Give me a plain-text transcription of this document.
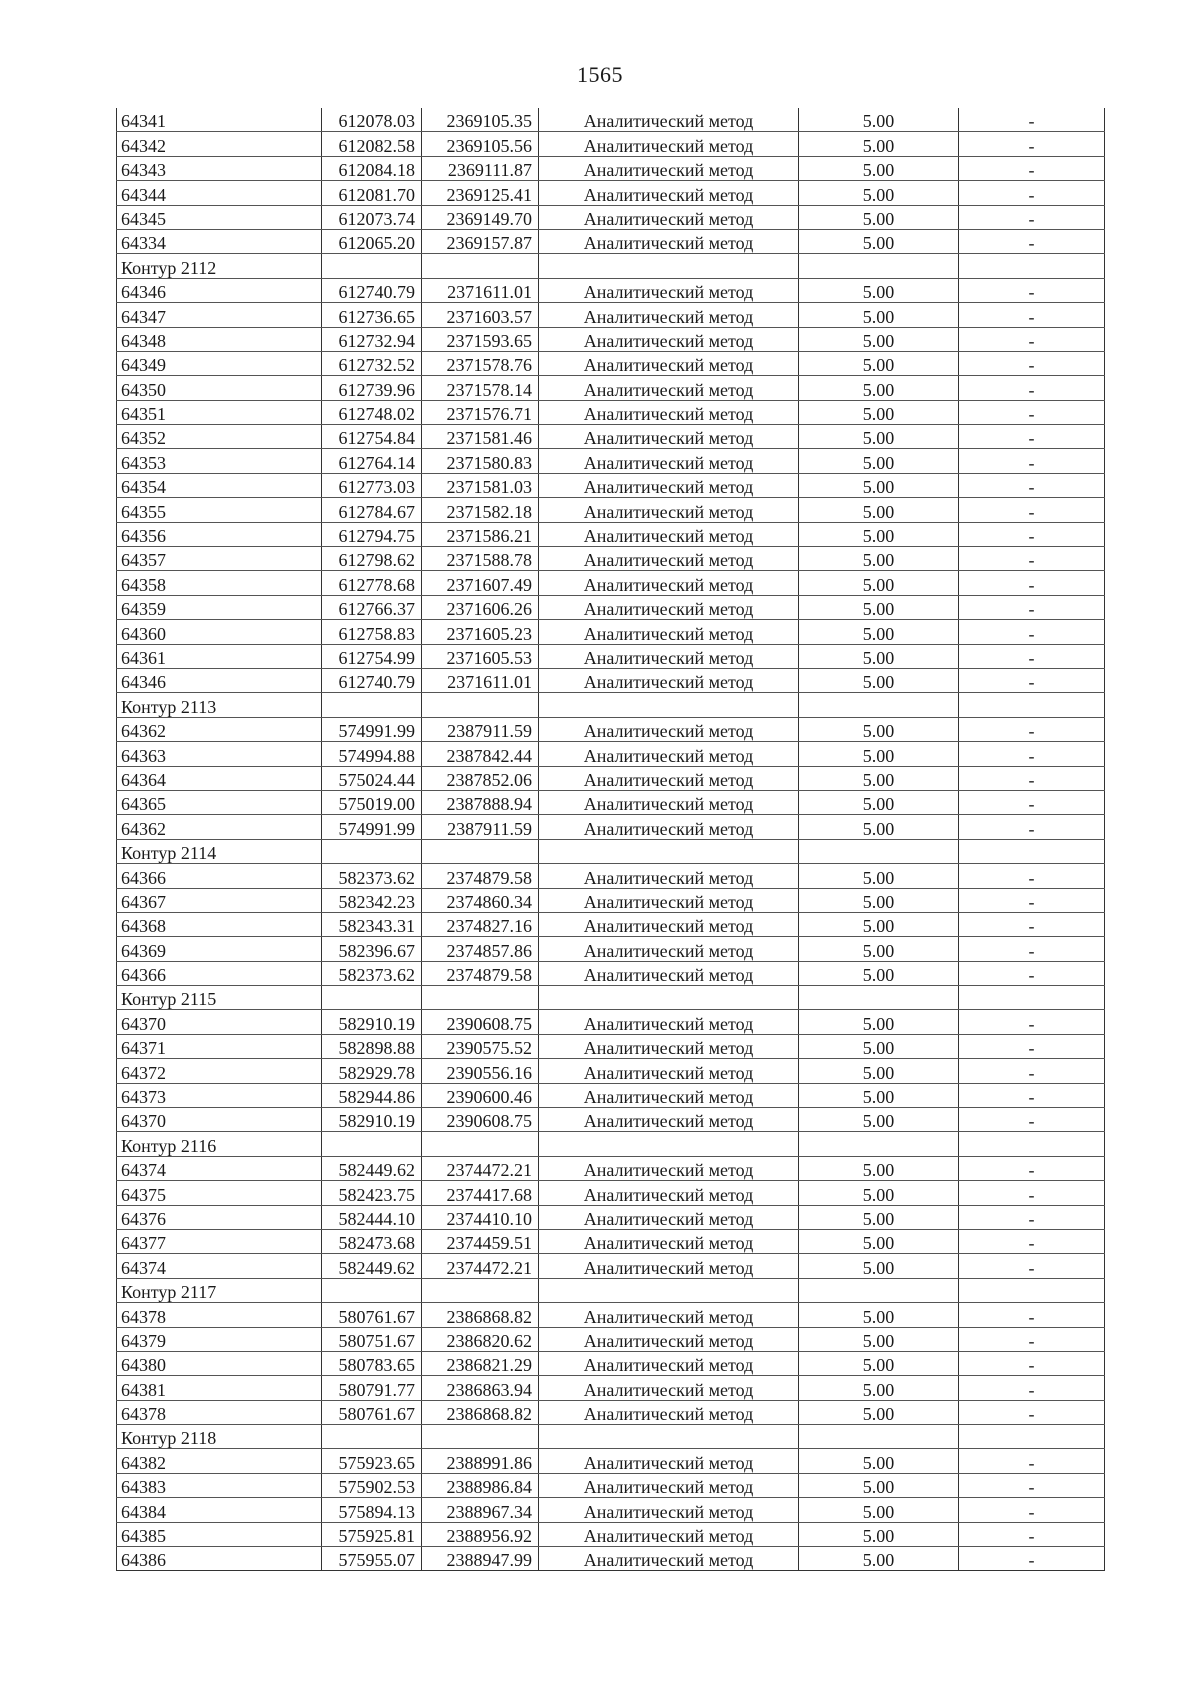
1565
64341	612078.03	2369105.35	Аналитический метод	5.00	-
64342	612082.58	2369105.56	Аналитический метод	5.00	-
64343	612084.18	2369111.87	Аналитический метод	5.00	-
64344	612081.70	2369125.41	Аналитический метод	5.00	-
64345	612073.74	2369149.70	Аналитический метод	5.00	-
64334	612065.20	2369157.87	Аналитический метод	5.00	-
Контур 2112					
64346	612740.79	2371611.01	Аналитический метод	5.00	-
64347	612736.65	2371603.57	Аналитический метод	5.00	-
64348	612732.94	2371593.65	Аналитический метод	5.00	-
64349	612732.52	2371578.76	Аналитический метод	5.00	-
64350	612739.96	2371578.14	Аналитический метод	5.00	-
64351	612748.02	2371576.71	Аналитический метод	5.00	-
64352	612754.84	2371581.46	Аналитический метод	5.00	-
64353	612764.14	2371580.83	Аналитический метод	5.00	-
64354	612773.03	2371581.03	Аналитический метод	5.00	-
64355	612784.67	2371582.18	Аналитический метод	5.00	-
64356	612794.75	2371586.21	Аналитический метод	5.00	-
64357	612798.62	2371588.78	Аналитический метод	5.00	-
64358	612778.68	2371607.49	Аналитический метод	5.00	-
64359	612766.37	2371606.26	Аналитический метод	5.00	-
64360	612758.83	2371605.23	Аналитический метод	5.00	-
64361	612754.99	2371605.53	Аналитический метод	5.00	-
64346	612740.79	2371611.01	Аналитический метод	5.00	-
Контур 2113					
64362	574991.99	2387911.59	Аналитический метод	5.00	-
64363	574994.88	2387842.44	Аналитический метод	5.00	-
64364	575024.44	2387852.06	Аналитический метод	5.00	-
64365	575019.00	2387888.94	Аналитический метод	5.00	-
64362	574991.99	2387911.59	Аналитический метод	5.00	-
Контур 2114					
64366	582373.62	2374879.58	Аналитический метод	5.00	-
64367	582342.23	2374860.34	Аналитический метод	5.00	-
64368	582343.31	2374827.16	Аналитический метод	5.00	-
64369	582396.67	2374857.86	Аналитический метод	5.00	-
64366	582373.62	2374879.58	Аналитический метод	5.00	-
Контур 2115					
64370	582910.19	2390608.75	Аналитический метод	5.00	-
64371	582898.88	2390575.52	Аналитический метод	5.00	-
64372	582929.78	2390556.16	Аналитический метод	5.00	-
64373	582944.86	2390600.46	Аналитический метод	5.00	-
64370	582910.19	2390608.75	Аналитический метод	5.00	-
Контур 2116					
64374	582449.62	2374472.21	Аналитический метод	5.00	-
64375	582423.75	2374417.68	Аналитический метод	5.00	-
64376	582444.10	2374410.10	Аналитический метод	5.00	-
64377	582473.68	2374459.51	Аналитический метод	5.00	-
64374	582449.62	2374472.21	Аналитический метод	5.00	-
Контур 2117					
64378	580761.67	2386868.82	Аналитический метод	5.00	-
64379	580751.67	2386820.62	Аналитический метод	5.00	-
64380	580783.65	2386821.29	Аналитический метод	5.00	-
64381	580791.77	2386863.94	Аналитический метод	5.00	-
64378	580761.67	2386868.82	Аналитический метод	5.00	-
Контур 2118					
64382	575923.65	2388991.86	Аналитический метод	5.00	-
64383	575902.53	2388986.84	Аналитический метод	5.00	-
64384	575894.13	2388967.34	Аналитический метод	5.00	-
64385	575925.81	2388956.92	Аналитический метод	5.00	-
64386	575955.07	2388947.99	Аналитический метод	5.00	-
